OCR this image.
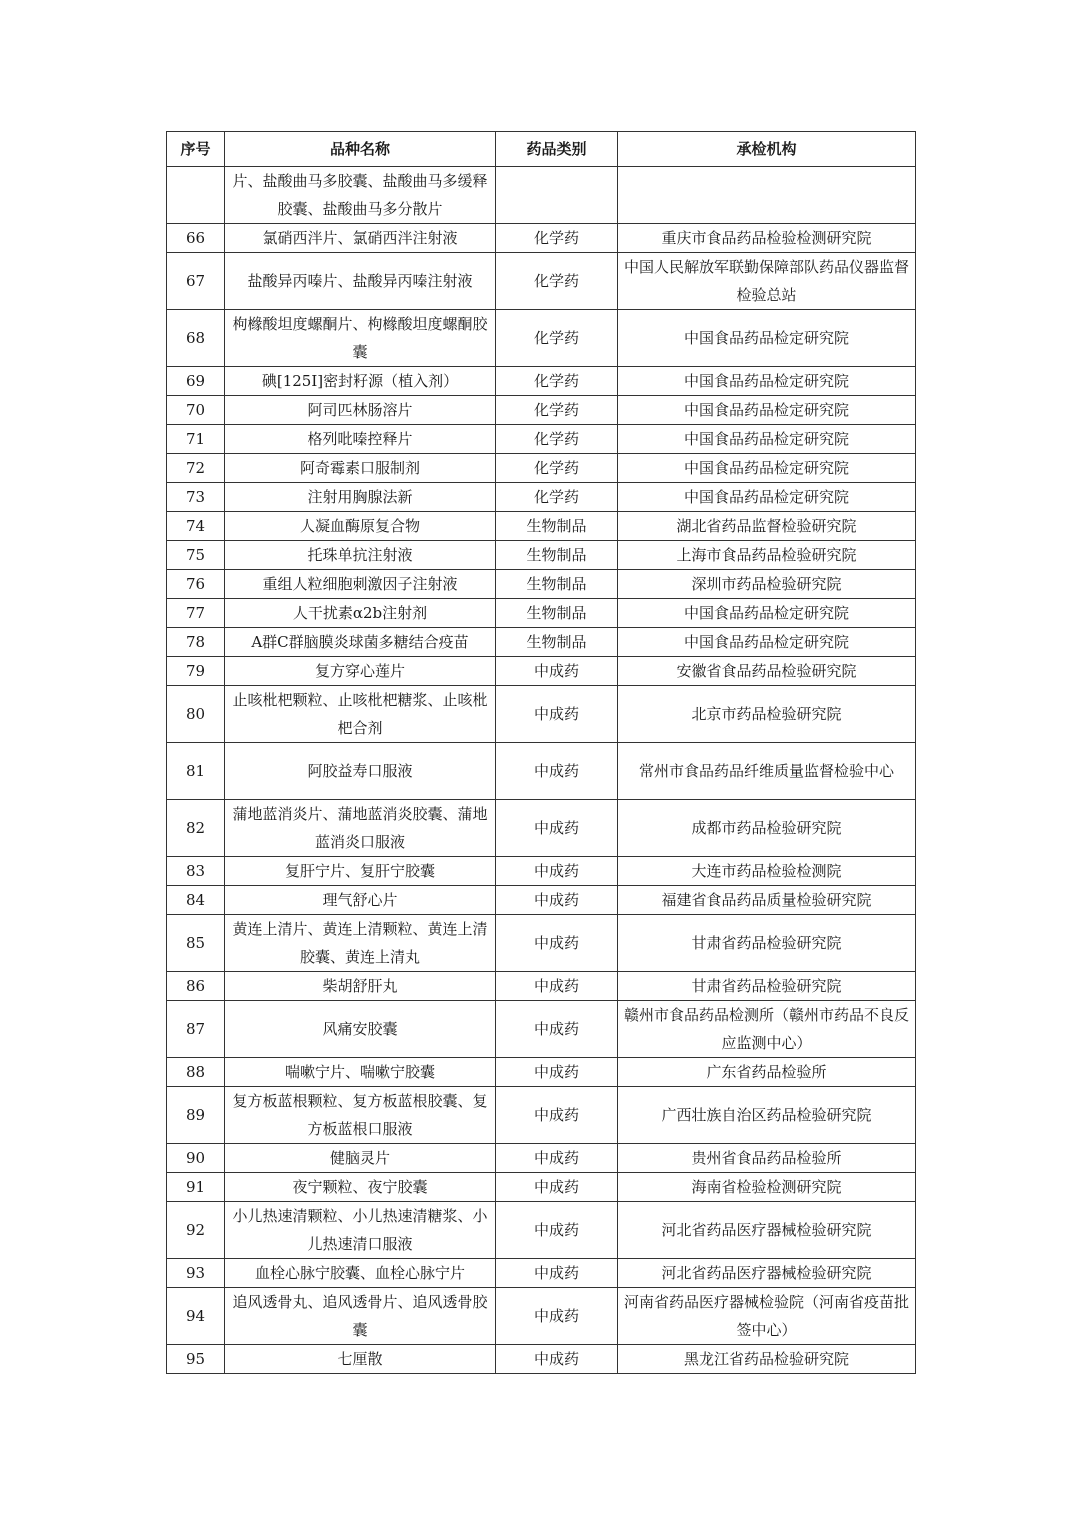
序号	品种名称	药品类别	承检机构
	片、盐酸曲马多胶囊、盐酸曲马多缓释胶囊、盐酸曲马多分散片		
66	氯硝西泮片、氯硝西泮注射液	化学药	重庆市食品药品检验检测研究院
67	盐酸异丙嗪片、盐酸异丙嗪注射液	化学药	中国人民解放军联勤保障部队药品仪器监督检验总站
68	枸橼酸坦度螺酮片、枸橼酸坦度螺酮胶囊	化学药	中国食品药品检定研究院
69	碘[125I]密封籽源（植入剂）	化学药	中国食品药品检定研究院
70	阿司匹林肠溶片	化学药	中国食品药品检定研究院
71	格列吡嗪控释片	化学药	中国食品药品检定研究院
72	阿奇霉素口服制剂	化学药	中国食品药品检定研究院
73	注射用胸腺法新	化学药	中国食品药品检定研究院
74	人凝血酶原复合物	生物制品	湖北省药品监督检验研究院
75	托珠单抗注射液	生物制品	上海市食品药品检验研究院
76	重组人粒细胞刺激因子注射液	生物制品	深圳市药品检验研究院
77	人干扰素α2b注射剂	生物制品	中国食品药品检定研究院
78	A群C群脑膜炎球菌多糖结合疫苗	生物制品	中国食品药品检定研究院
79	复方穿心莲片	中成药	安徽省食品药品检验研究院
80	止咳枇杷颗粒、止咳枇杷糖浆、止咳枇杷合剂	中成药	北京市药品检验研究院
81	阿胶益寿口服液	中成药	常州市食品药品纤维质量监督检验中心
82	蒲地蓝消炎片、蒲地蓝消炎胶囊、蒲地蓝消炎口服液	中成药	成都市药品检验研究院
83	复肝宁片、复肝宁胶囊	中成药	大连市药品检验检测院
84	理气舒心片	中成药	福建省食品药品质量检验研究院
85	黄连上清片、黄连上清颗粒、黄连上清胶囊、黄连上清丸	中成药	甘肃省药品检验研究院
86	柴胡舒肝丸	中成药	甘肃省药品检验研究院
87	风痛安胶囊	中成药	赣州市食品药品检测所（赣州市药品不良反应监测中心）
88	喘嗽宁片、喘嗽宁胶囊	中成药	广东省药品检验所
89	复方板蓝根颗粒、复方板蓝根胶囊、复方板蓝根口服液	中成药	广西壮族自治区药品检验研究院
90	健脑灵片	中成药	贵州省食品药品检验所
91	夜宁颗粒、夜宁胶囊	中成药	海南省检验检测研究院
92	小儿热速清颗粒、小儿热速清糖浆、小儿热速清口服液	中成药	河北省药品医疗器械检验研究院
93	血栓心脉宁胶囊、血栓心脉宁片	中成药	河北省药品医疗器械检验研究院
94	追风透骨丸、追风透骨片、追风透骨胶囊	中成药	河南省药品医疗器械检验院（河南省疫苗批签中心）
95	七厘散	中成药	黑龙江省药品检验研究院
